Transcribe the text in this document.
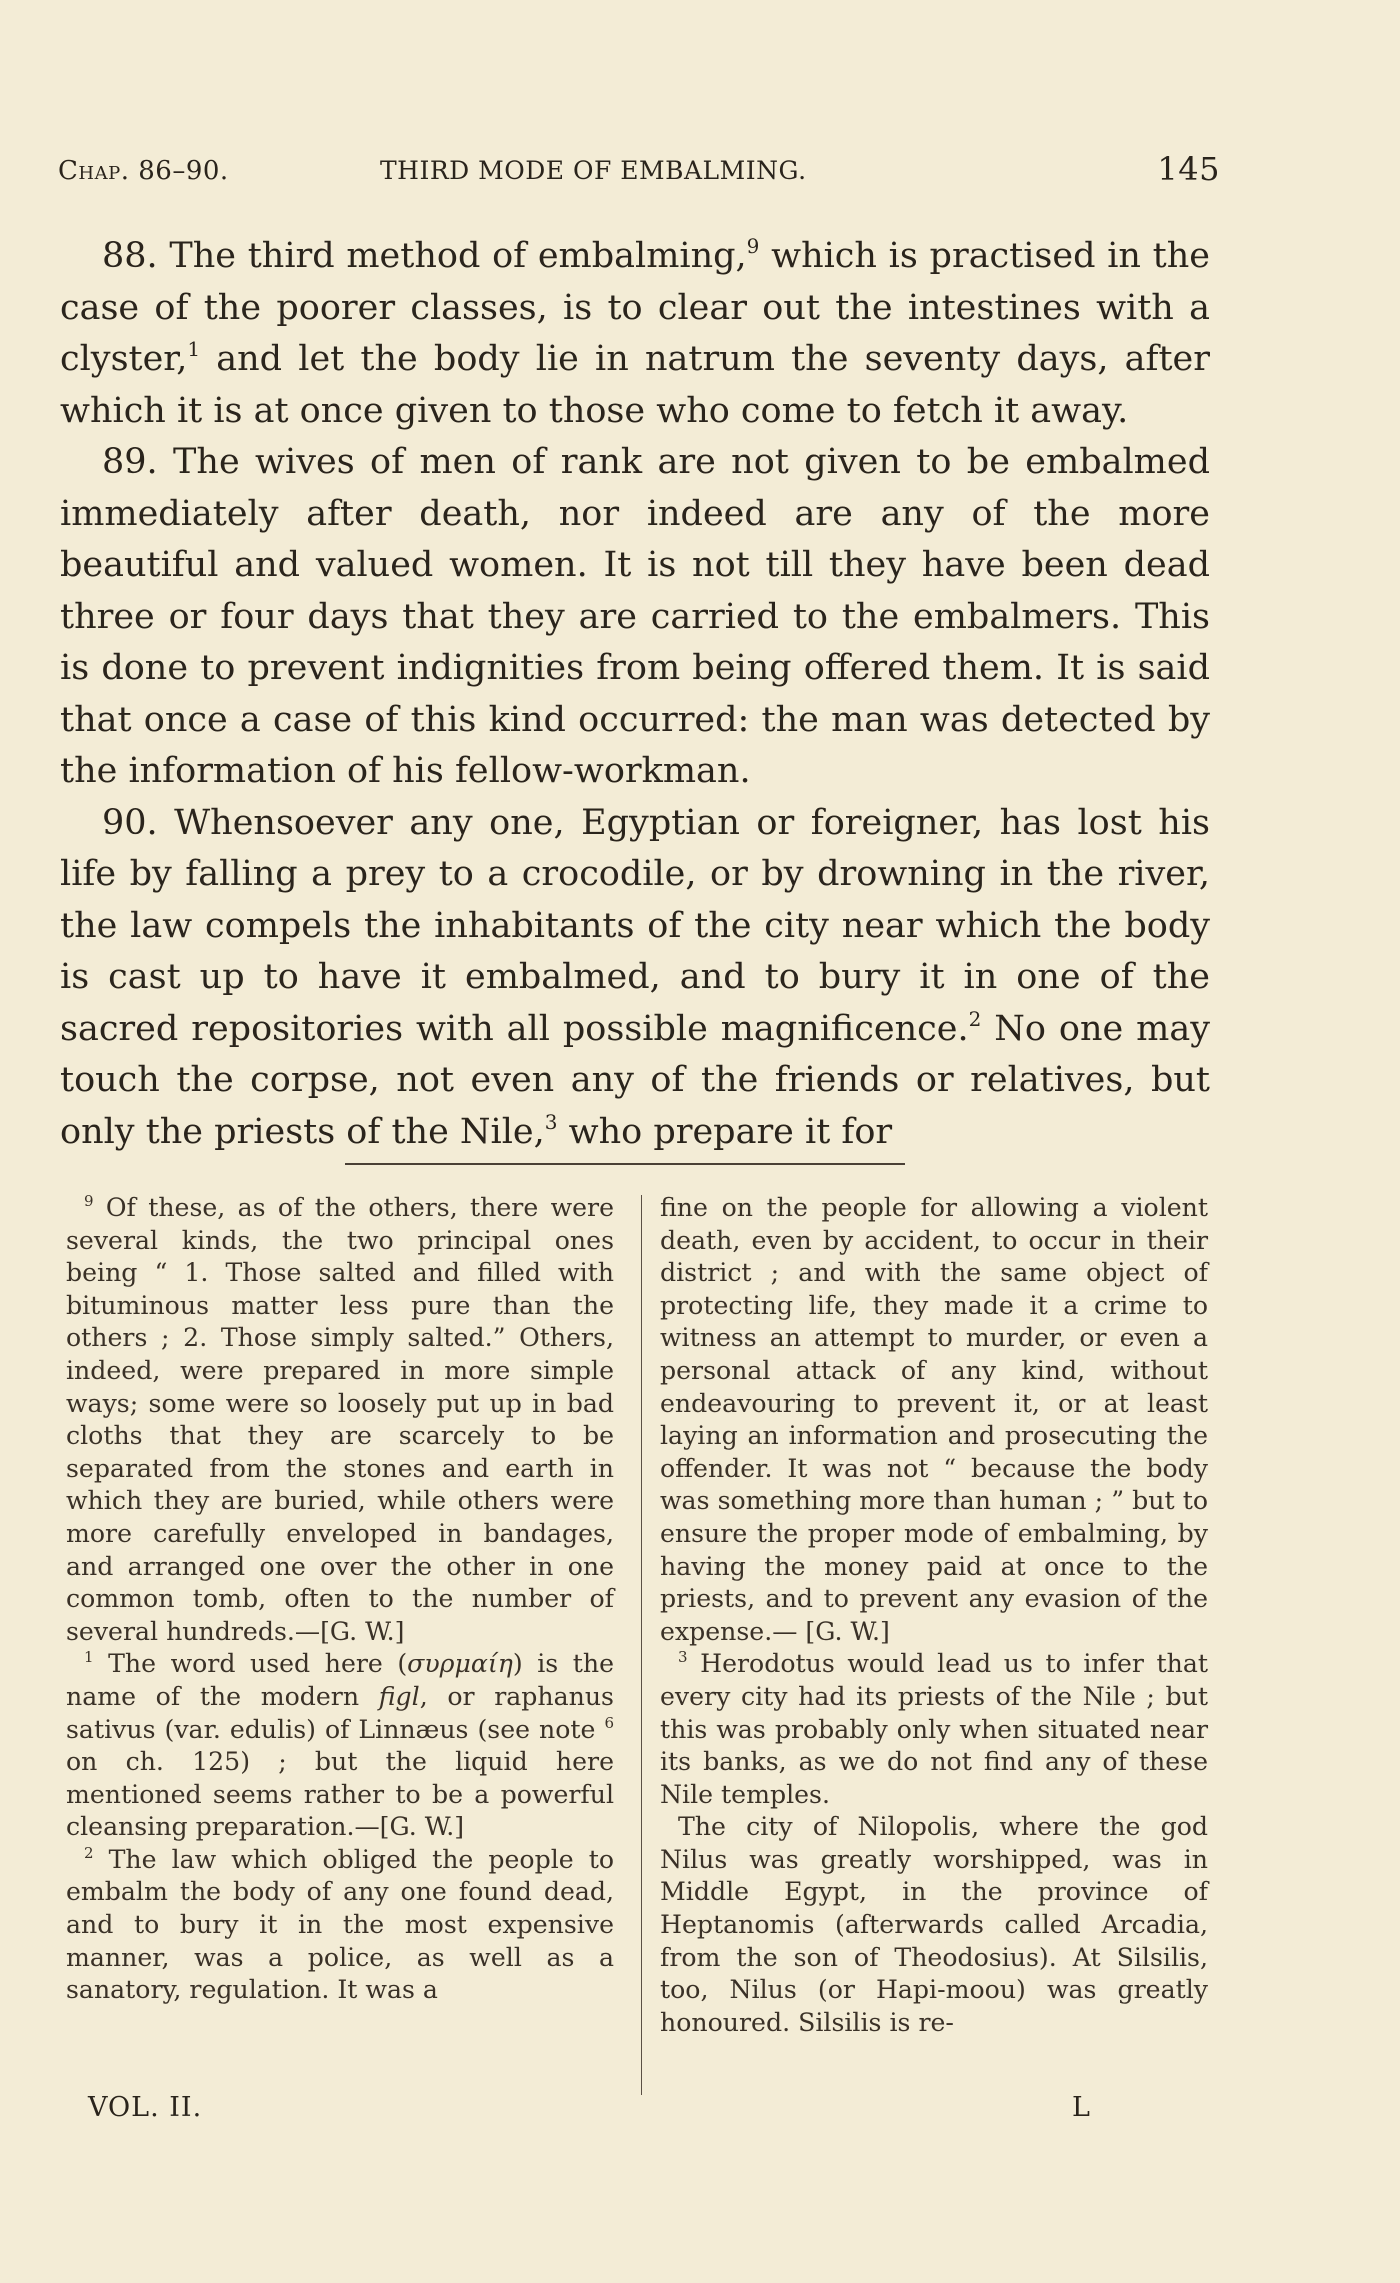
Chap. 86–90.	THIRD MODE OF EMBALMING.	145

88. The third method of embalming,$^9$ which is practised in the case of the poorer classes, is to clear out the intestines with a clyster,$^1$ and let the body lie in natrum the seventy days, after which it is at once given to those who come to fetch it away.

89. The wives of men of rank are not given to be embalmed immediately after death, nor indeed are any of the more beautiful and valued women. It is not till they have been dead three or four days that they are carried to the embalmers. This is done to prevent indignities from being offered them. It is said that once a case of this kind occurred: the man was detected by the information of his fellow-workman.

90. Whensoever any one, Egyptian or foreigner, has lost his life by falling a prey to a crocodile, or by drowning in the river, the law compels the inhabitants of the city near which the body is cast up to have it embalmed, and to bury it in one of the sacred repositories with all possible magnificence.$^2$ No one may touch the corpse, not even any of the friends or relatives, but only the priests of the Nile,$^3$ who prepare it for

$^9$ Of these, as of the others, there were several kinds, the two principal ones being “ 1. Those salted and filled with bituminous matter less pure than the others ; 2. Those simply salted.” Others, indeed, were prepared in more simple ways; some were so loosely put up in bad cloths that they are scarcely to be separated from the stones and earth in which they are buried, while others were more carefully enveloped in bandages, and arranged one over the other in one common tomb, often to the number of several hundreds.—[G. W.]

$^1$ The word used here (συρμαίη) is the name of the modern figl, or raphanus sativus (var. edulis) of Linnæus (see note $^6$ on ch. 125) ; but the liquid here mentioned seems rather to be a powerful cleansing preparation.—[G. W.]

$^2$ The law which obliged the people to embalm the body of any one found dead, and to bury it in the most expensive manner, was a police, as well as a sanatory, regulation. It was a

fine on the people for allowing a violent death, even by accident, to occur in their district ; and with the same object of protecting life, they made it a crime to witness an attempt to murder, or even a personal attack of any kind, without endeavouring to prevent it, or at least laying an information and prosecuting the offender. It was not “ because the body was something more than human ; ” but to ensure the proper mode of embalming, by having the money paid at once to the priests, and to prevent any evasion of the expense.— [G. W.]

$^3$ Herodotus would lead us to infer that every city had its priests of the Nile ; but this was probably only when situated near its banks, as we do not find any of these Nile temples.

The city of Nilopolis, where the god Nilus was greatly worshipped, was in Middle Egypt, in the province of Heptanomis (afterwards called Arcadia, from the son of Theodosius). At Silsilis, too, Nilus (or Hapi-moou) was greatly honoured. Silsilis is re-

VOL. II.	L
